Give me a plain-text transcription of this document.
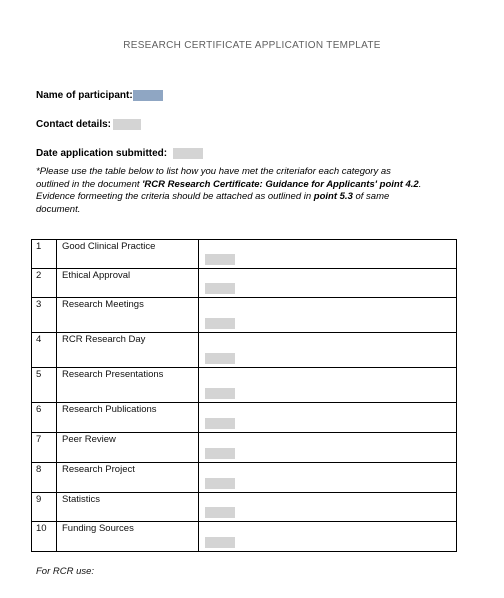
RESEARCH CERTIFICATE APPLICATION TEMPLATE
Name of participant:
Contact details:
Date application submitted:
*Please use the table below to list how you have met the criteriafor each category as
outlined in the document 'RCR Research Certificate: Guidance for Applicants' point 4.2.
Evidence formeeting the criteria should be attached as outlined in point 5.3 of same
document.
1	Good Clinical Practice	

2	Ethical Approval	

3	Research Meetings	

4	RCR Research Day	

5	Research Presentations	

6	Research Publications	

7	Peer Review	

8	Research Project	

9	Statistics	

10	Funding Sources	
For RCR use:
